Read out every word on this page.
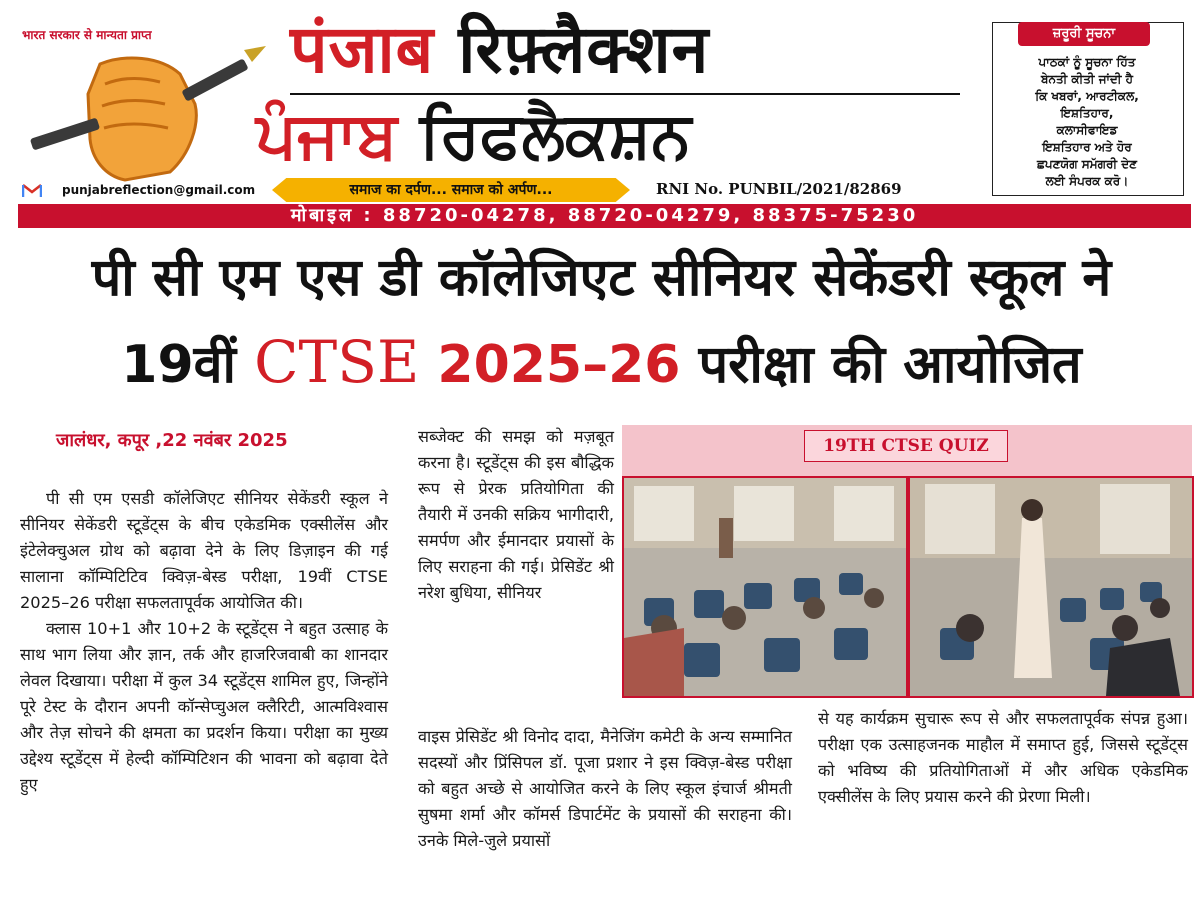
भारत सरकार से मान्यता प्राप्त
punjabreflection@gmail.com
पंजाब रिफ़्लैक्शन
ਪੰਜਾਬ ਰਿਫਲੈਕਸ਼ਨ
समाज का दर्पण... समाज को अर्पण...	RNI No. PUNBIL/2021/82869
ਜ਼ਰੂਰੀ ਸੂਚਨਾ
ਪਾਠਕਾਂ ਨੂੰ ਸੂਚਨਾ ਹਿੱਤ
ਬੇਨਤੀ ਕੀਤੀ ਜਾਂਦੀ ਹੈ
ਕਿ ਖਬਰਾਂ, ਆਰਟੀਕਲ,
ਇਸ਼ਤਿਹਾਰ,
ਕਲਾਸੀਫਾਇਡ
ਇਸ਼ਤਿਹਾਰ ਅਤੇ ਹੋਰ
ਛਪਣਯੋਗ ਸਮੱਗਰੀ ਦੇਣ
ਲਈ ਸੰਪਰਕ ਕਰੋ।
मोबाइल : 88720-04278, 88720-04279, 88375-75230
पी सी एम एस डी कॉलेजिएट सीनियर सेकेंडरी स्कूल ने
19वीं CTSE 2025–26 परीक्षा की आयोजित
जालंधर, कपूर ,22 नवंबर 2025

पी सी एम एसडी कॉलेजिएट सीनियर सेकेंडरी स्कूल ने सीनियर सेकेंडरी स्टूडेंट्स के बीच एकेडमिक एक्सीलेंस और इंटेलेक्चुअल ग्रोथ को बढ़ावा देने के लिए डिज़ाइन की गई सालाना कॉम्पिटिटिव क्विज़-बेस्ड परीक्षा, 19वीं CTSE 2025–26 परीक्षा सफलतापूर्वक आयोजित की।

क्लास 10+1 और 10+2 के स्टूडेंट्स ने बहुत उत्साह के साथ भाग लिया और ज्ञान, तर्क और हाजरिजवाबी का शानदार लेवल दिखाया। परीक्षा में कुल 34 स्टूडेंट्स शामिल हुए, जिन्होंने पूरे टेस्ट के दौरान अपनी कॉन्सेप्चुअल क्लैरिटी, आत्मविश्वास और तेज़ सोचने की क्षमता का प्रदर्शन किया। परीक्षा का मुख्य उद्देश्य स्टूडेंट्स में हेल्दी कॉम्पिटिशन की भावना को बढ़ावा देते हुए

सब्जेक्ट की समझ को मज़बूत करना है। स्टूडेंट्स की इस बौद्धिक रूप से प्रेरक प्रतियोगिता की तैयारी में उनकी सक्रिय भागीदारी, समर्पण और ईमानदार प्रयासों के लिए सराहना की गई। प्रेसिडेंट श्री नरेश बुधिया, सीनियर

वाइस प्रेसिडेंट श्री विनोद दादा, मैनेजिंग कमेटी के अन्य सम्मानित सदस्यों और प्रिंसिपल डॉ. पूजा प्रशार ने इस क्विज़-बेस्ड परीक्षा को बहुत अच्छे से आयोजित करने के लिए स्कूल इंचार्ज श्रीमती सुषमा शर्मा और कॉमर्स डिपार्टमेंट के प्रयासों की सराहना की। उनके मिले-जुले प्रयासों

से यह कार्यक्रम सुचारू रूप से और सफलतापूर्वक संपन्न हुआ। परीक्षा एक उत्साहजनक माहौल में समाप्त हुई, जिससे स्टूडेंट्स को भविष्य की प्रतियोगिताओं में और अधिक एकेडमिक एक्सीलेंस के लिए प्रयास करने की प्रेरणा मिली।

19TH CTSE QUIZ
